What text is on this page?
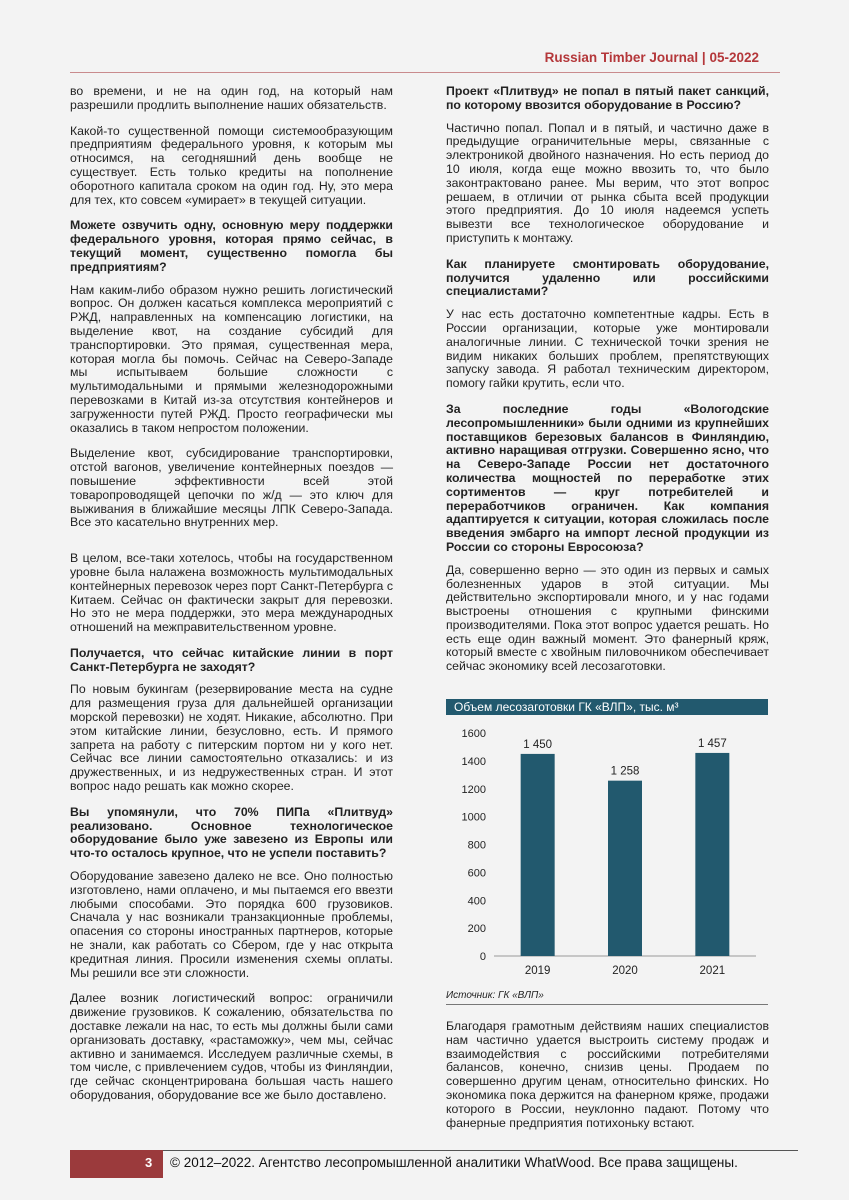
Russian Timber Journal | 05-2022

во времени, и не на один год, на который нам разрешили продлить выполнение наших обязательств.

Какой-то существенной помощи системообразующим предприятиям федерального уровня, к которым мы относимся, на сегодняшний день вообще не существует. Есть только кредиты на пополнение оборотного капитала сроком на один год. Ну, это мера для тех, кто совсем «умирает» в текущей ситуации.

Можете озвучить одну, основную меру поддержки федерального уровня, которая прямо сейчас, в текущий момент, существенно помогла бы предприятиям?

Нам каким-либо образом нужно решить логистический вопрос. Он должен касаться комплекса мероприятий с РЖД, направленных на компенсацию логистики, на выделение квот, на создание субсидий для транспортировки. Это прямая, существенная мера, которая могла бы помочь. Сейчас на Северо-Западе мы испытываем большие сложности с мультимодальными и прямыми железнодорожными перевозками в Китай из-за отсутствия контейнеров и загруженности путей РЖД. Просто географически мы оказались в таком непростом положении.

Выделение квот, субсидирование транспортировки, отстой вагонов, увеличение контейнерных поездов — повышение эффективности всей этой товаропроводящей цепочки по ж/д — это ключ для выживания в ближайшие месяцы ЛПК Северо-Запада. Все это касательно внутренних мер.

В целом, все-таки хотелось, чтобы на государственном уровне была налажена возможность мультимодальных контейнерных перевозок через порт Санкт-Петербурга с Китаем. Сейчас он фактически закрыт для перевозки. Но это не мера поддержки, это мера международных отношений на межправительственном уровне.

Получается, что сейчас китайские линии в порт Санкт-Петербурга не заходят?

По новым букингам (резервирование места на судне для размещения груза для дальнейшей организации морской перевозки) не ходят. Никакие, абсолютно. При этом китайские линии, безусловно, есть. И прямого запрета на работу с питерским портом ни у кого нет. Сейчас все линии самостоятельно отказались: и из дружественных, и из недружественных стран. И этот вопрос надо решать как можно скорее.

Вы упомянули, что 70% ПИПа «Плитвуд» реализовано. Основное технологическое оборудование было уже завезено из Европы или что-то осталось крупное, что не успели поставить?

Оборудование завезено далеко не все. Оно полностью изготовлено, нами оплачено, и мы пытаемся его ввезти любыми способами. Это порядка 600 грузовиков. Сначала у нас возникали транзакционные проблемы, опасения со стороны иностранных партнеров, которые не знали, как работать со Сбером, где у нас открыта кредитная линия. Просили изменения схемы оплаты. Мы решили все эти сложности.

Далее возник логистический вопрос: ограничили движение грузовиков. К сожалению, обязательства по доставке лежали на нас, то есть мы должны были сами организовать доставку, «растаможку», чем мы, сейчас активно и занимаемся. Исследуем различные схемы, в том числе, с привлечением судов, чтобы из Финляндии, где сейчас сконцентрирована большая часть нашего оборудования, оборудование все же было доставлено.

Проект «Плитвуд» не попал в пятый пакет санкций, по которому ввозится оборудование в Россию?

Частично попал. Попал и в пятый, и частично даже в предыдущие ограничительные меры, связанные с электроникой двойного назначения. Но есть период до 10 июля, когда еще можно ввозить то, что было законтрактовано ранее. Мы верим, что этот вопрос решаем, в отличии от рынка сбыта всей продукции этого предприятия. До 10 июля надеемся успеть вывезти все технологическое оборудование и приступить к монтажу.

Как планируете смонтировать оборудование, получится удаленно или российскими специалистами?

У нас есть достаточно компетентные кадры. Есть в России организации, которые уже монтировали аналогичные линии. С технической точки зрения не видим никаких больших проблем, препятствующих запуску завода. Я работал техническим директором, помогу гайки крутить, если что.

За последние годы «Вологодские лесопромышленники» были одними из крупнейших поставщиков березовых балансов в Финляндию, активно наращивая отгрузки. Совершенно ясно, что на Северо-Западе России нет достаточного количества мощностей по переработке этих сортиментов — круг потребителей и переработчиков ограничен. Как компания адаптируется к ситуации, которая сложилась после введения эмбарго на импорт лесной продукции из России со стороны Евросоюза?

Да, совершенно верно — это один из первых и самых болезненных ударов в этой ситуации. Мы действительно экспортировали много, и у нас годами выстроены отношения с крупными финскими производителями. Пока этот вопрос удается решать. Но есть еще один важный момент. Это фанерный кряж, который вместе с хвойным пиловочником обеспечивает сейчас экономику всей лесозаготовки.

Объем лесозаготовки ГК «ВЛП», тыс. м³
0
200
400
600
800
1000
1200
1400
1600
1 450
2019
1 258
2020
1 457
2021
Источник: ГК «ВЛП»

Благодаря грамотным действиям наших специалистов нам частично удается выстроить систему продаж и взаимодействия с российскими потребителями балансов, конечно, снизив цены. Продаем по совершенно другим ценам, относительно финских. Но экономика пока держится на фанерном кряже, продажи которого в России, неуклонно падают. Потому что фанерные предприятия потихоньку встают.

3 © 2012–2022. Агентство лесопромышленной аналитики WhatWood. Все права защищены.
